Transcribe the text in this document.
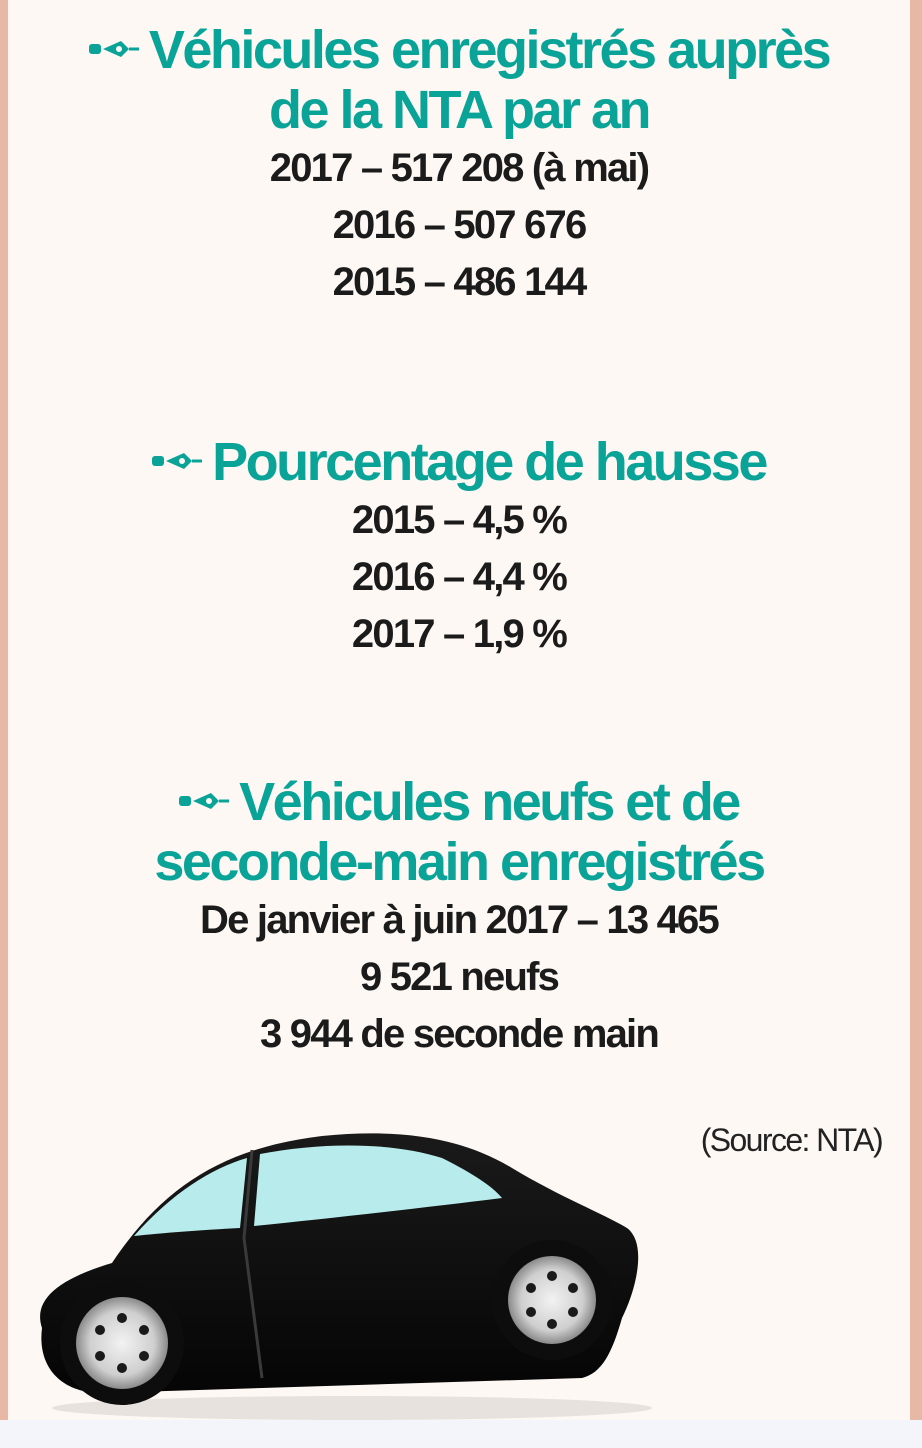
Véhicules enregistrés auprès
de la NTA par an

2017 – 517 208 (à mai)

2016 – 507 676

2015 – 486 144

Pourcentage de hausse

2015 – 4,5 %

2016 – 4,4 %

2017 – 1,9 %

Véhicules neufs et de
seconde-main enregistrés

De janvier à juin 2017 – 13 465

9 521 neufs

3 944 de seconde main

(Source: NTA)
